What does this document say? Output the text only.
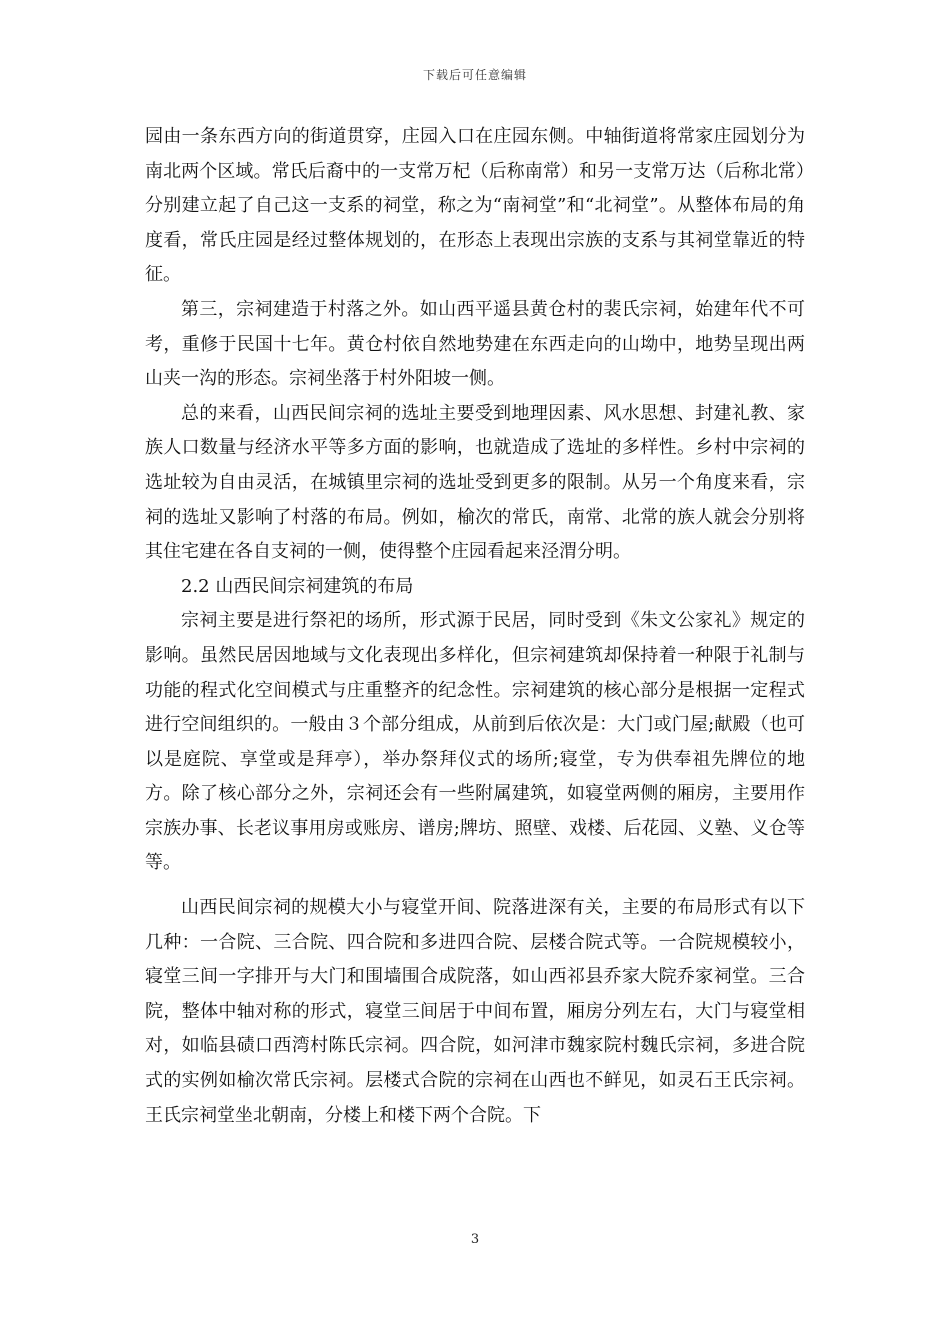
下载后可任意编辑

园由一条东西方向的街道贯穿，庄园入口在庄园东侧。中轴街道将常家庄园划分为南北两个区域。常氏后裔中的一支常万杞（后称南常）和另一支常万达（后称北常）分别建立起了自己这一支系的祠堂，称之为“南祠堂”和“北祠堂”。从整体布局的角度看，常氏庄园是经过整体规划的，在形态上表现出宗族的支系与其祠堂靠近的特征。

第三，宗祠建造于村落之外。如山西平遥县黄仓村的裴氏宗祠，始建年代不可考，重修于民国十七年。黄仓村依自然地势建在东西走向的山坳中，地势呈现出两山夹一沟的形态。宗祠坐落于村外阳坡一侧。

总的来看，山西民间宗祠的选址主要受到地理因素、风水思想、封建礼教、家族人口数量与经济水平等多方面的影响，也就造成了选址的多样性。乡村中宗祠的选址较为自由灵活，在城镇里宗祠的选址受到更多的限制。从另一个角度来看，宗祠的选址又影响了村落的布局。例如，榆次的常氏，南常、北常的族人就会分别将其住宅建在各自支祠的一侧，使得整个庄园看起来泾渭分明。

2.2 山西民间宗祠建筑的布局

宗祠主要是进行祭祀的场所，形式源于民居，同时受到《朱文公家礼》规定的影响。虽然民居因地域与文化表现出多样化，但宗祠建筑却保持着一种限于礼制与功能的程式化空间模式与庄重整齐的纪念性。宗祠建筑的核心部分是根据一定程式进行空间组织的。一般由３个部分组成，从前到后依次是：大门或门屋;献殿（也可以是庭院、享堂或是拜亭），举办祭拜仪式的场所;寝堂，专为供奉祖先牌位的地方。除了核心部分之外，宗祠还会有一些附属建筑，如寝堂两侧的厢房，主要用作宗族办事、长老议事用房或账房、谱房;牌坊、照壁、戏楼、后花园、义塾、义仓等等。

山西民间宗祠的规模大小与寝堂开间、院落进深有关，主要的布局形式有以下几种：一合院、三合院、四合院和多进四合院、层楼合院式等。一合院规模较小，寝堂三间一字排开与大门和围墙围合成院落，如山西祁县乔家大院乔家祠堂。三合院，整体中轴对称的形式，寝堂三间居于中间布置，厢房分列左右，大门与寝堂相对，如临县碛口西湾村陈氏宗祠。四合院，如河津市魏家院村魏氏宗祠，多进合院式的实例如榆次常氏宗祠。层楼式合院的宗祠在山西也不鲜见，如灵石王氏宗祠。王氏宗祠堂坐北朝南，分楼上和楼下两个合院。下

3
